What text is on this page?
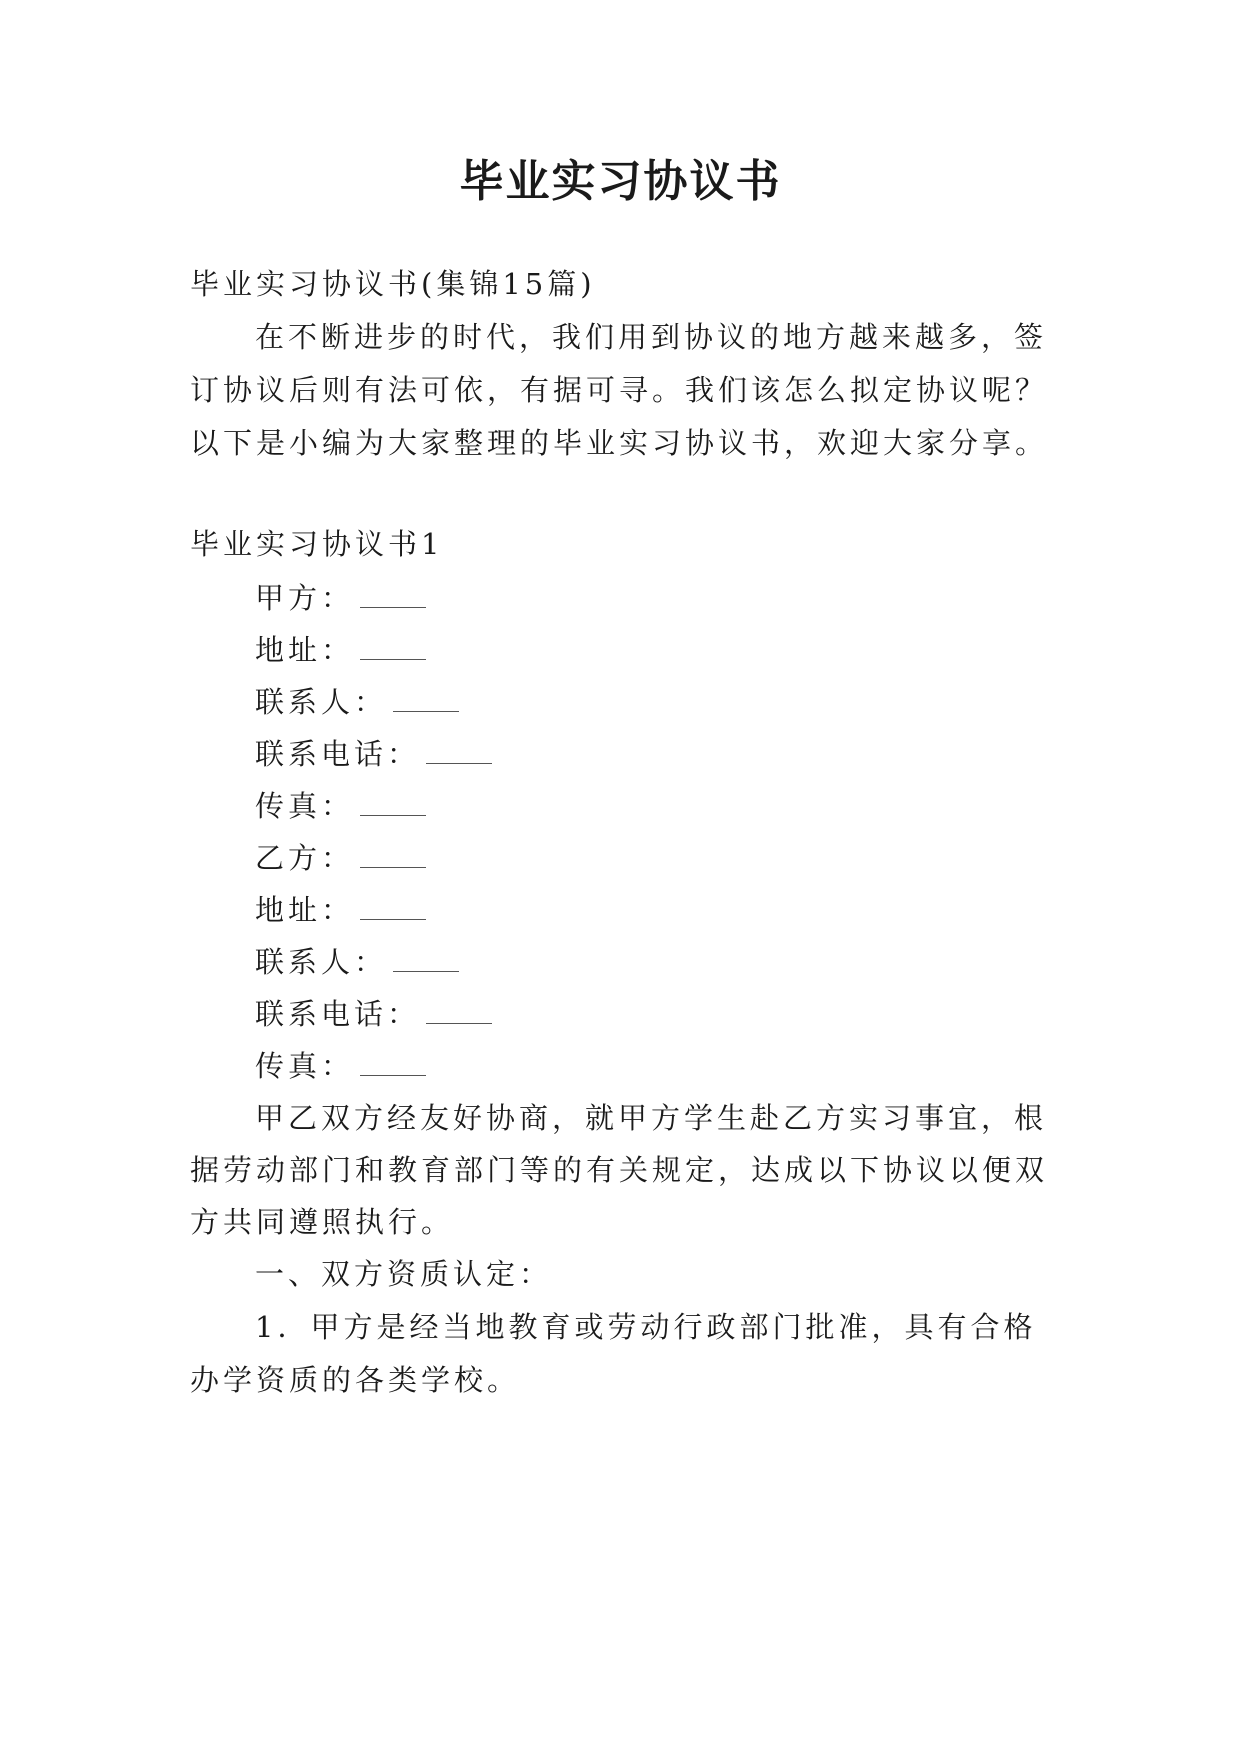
毕业实习协议书

毕业实习协议书(集锦15篇)

在不断进步的时代，我们用到协议的地方越来越多，签

订协议后则有法可依，有据可寻。我们该怎么拟定协议呢？

以下是小编为大家整理的毕业实习协议书，欢迎大家分享。

毕业实习协议书1

甲方：

地址：

联系人：

联系电话：

传真：

乙方：

地址：

联系人：

联系电话：

传真：

甲乙双方经友好协商，就甲方学生赴乙方实习事宜，根

据劳动部门和教育部门等的有关规定，达成以下协议以便双

方共同遵照执行。

一、双方资质认定：

1．甲方是经当地教育或劳动行政部门批准，具有合格

办学资质的各类学校。
